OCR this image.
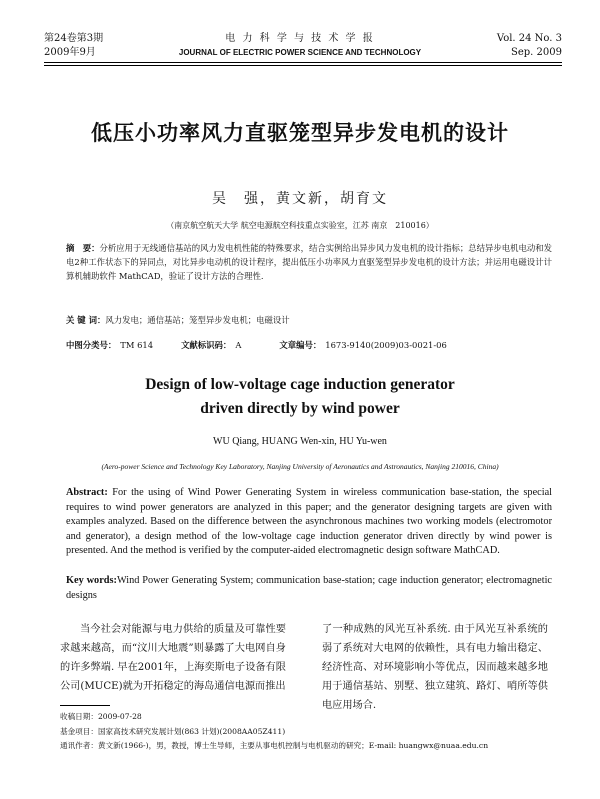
第24卷第3期
2009年9月
电 力 科 学 与 技 术 学 报
JOURNAL OF ELECTRIC POWER SCIENCE AND TECHNOLOGY
Vol. 24 No. 3
Sep. 2009
低压小功率风力直驱笼型异步发电机的设计
吴　强，黄文新，胡育文
（南京航空航天大学 航空电源航空科技重点实验室，江苏 南京　210016）
摘　要：分析应用于无线通信基站的风力发电机性能的特殊要求，结合实例给出异步风力发电机的设计指标；总结异步电机电动和发电2种工作状态下的异同点，对比异步电动机的设计程序，提出低压小功率风力直驱笼型异步发电机的设计方法；并运用电磁设计计算机辅助软件 MathCAD，验证了设计方法的合理性.
关 键 词：风力发电；通信基站；笼型异步发电机；电磁设计
中图分类号： TM 614	文献标识码： A	文章编号： 1673-9140(2009)03-0021-06
Design of low-voltage cage induction generator
driven directly by wind power
WU Qiang, HUANG Wen-xin, HU Yu-wen
(Aero-power Science and Technology Key Laboratory, Nanjing University of Aeronautics and Astronautics, Nanjing 210016, China)
Abstract: For the using of Wind Power Generating System in wireless communication base-station, the special requires to wind power generators are analyzed in this paper; and the generator designing targets are given with examples analyzed. Based on the difference between the asynchronous machines two working models (electromotor and generator), a design method of the low-voltage cage induction generator driven directly by wind power is presented. And the method is verified by the computer-aided electromagnetic design software MathCAD.
Key words:Wind Power Generating System; communication base-station; cage induction generator; electromagnetic designs
当今社会对能源与电力供给的质量及可靠性要求越来越高，而“汶川大地震”则暴露了大电网自身的许多弊端. 早在2001年，上海奕斯电子设备有限公司(MUCE)就为开拓稳定的海岛通信电源而推出
了一种成熟的风光互补系统. 由于风光互补系统的弱了系统对大电网的依赖性，具有电力输出稳定、经济性高、对环境影响小等优点，因而越来越多地用于通信基站、别墅、独立建筑、路灯、哨所等供电应用场合.
收稿日期：2009-07-28
基金项目：国家高技术研究发展计划(863 计划)(2008AA05Z411)
通讯作者：黄文新(1966-)，男，教授，博士生导师，主要从事电机控制与电机驱动的研究；E-mail: huangwx@nuaa.edu.cn
